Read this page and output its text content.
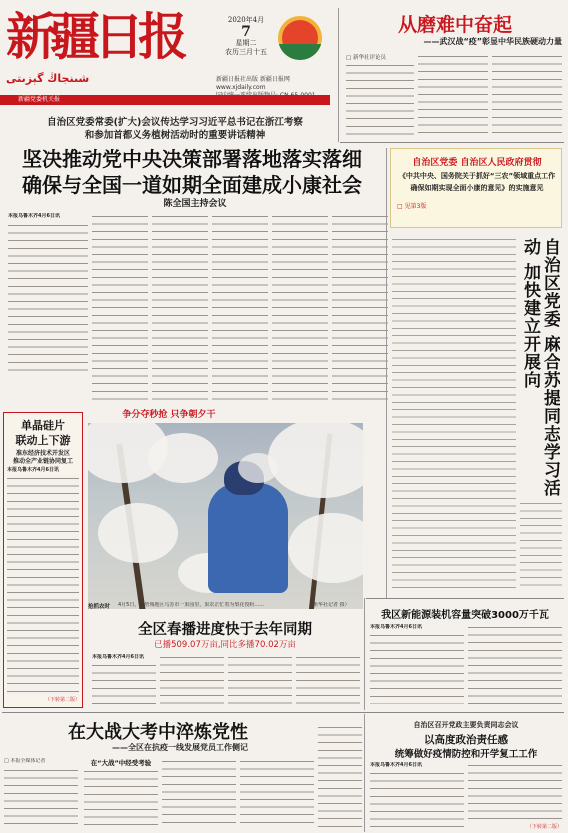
新疆日报	2020年4月
7
星期二
农历三月十五
شىنجاڭ گېزىتى	新疆日报社出版 新疆日报网
www.xjdaily.com
新疆党委机关报
从磨难中奋起
——武汉战“疫”彰显中华民族硬动力量
□ 新华社评论员
自治区党委常委(扩大)会议传达学习习近平总书记在浙江考察
和参加首都义务植树活动时的重要讲话精神
坚决推动党中央决策部署落地落实落细
确保与全国一道如期全面建成小康社会
陈全国主持会议
本报乌鲁木齐4月6日讯
自治区党委 自治区人民政府贯彻
《中共中央、国务院关于抓好“三农”领域重点工作
确保如期实现全面小康的意见》的实施意见
□ 见第3版
自治区党委 麻合苏提同志学习活动 加快建立开展向
争分夺秒抢 只争朝夕干
抢抓农时	4月5日，在塔城地区乌苏市一果园里，果农正忙着为梨花授粉……	（新华社记者 摄）
单晶硅片
联动上下游
准东经济技术开发区
推动全产业链协同复工
本报乌鲁木齐4月6日讯
（下转第二版）
全区春播进度快于去年同期
已播509.07万亩,同比多播70.02万亩
本报乌鲁木齐4月6日讯
我区新能源装机容量突破3000万千瓦
本报乌鲁木齐4月6日讯
在大战大考中淬炼党性
——全区在抗疫一线发展党员工作侧记
□ 本报全媒体记者	在“大战”中经受考验
自治区召开党政主要负责同志会议
以高度政治责任感
统筹做好疫情防控和开学复工工作
本报乌鲁木齐4月6日讯
（下转第二版）
